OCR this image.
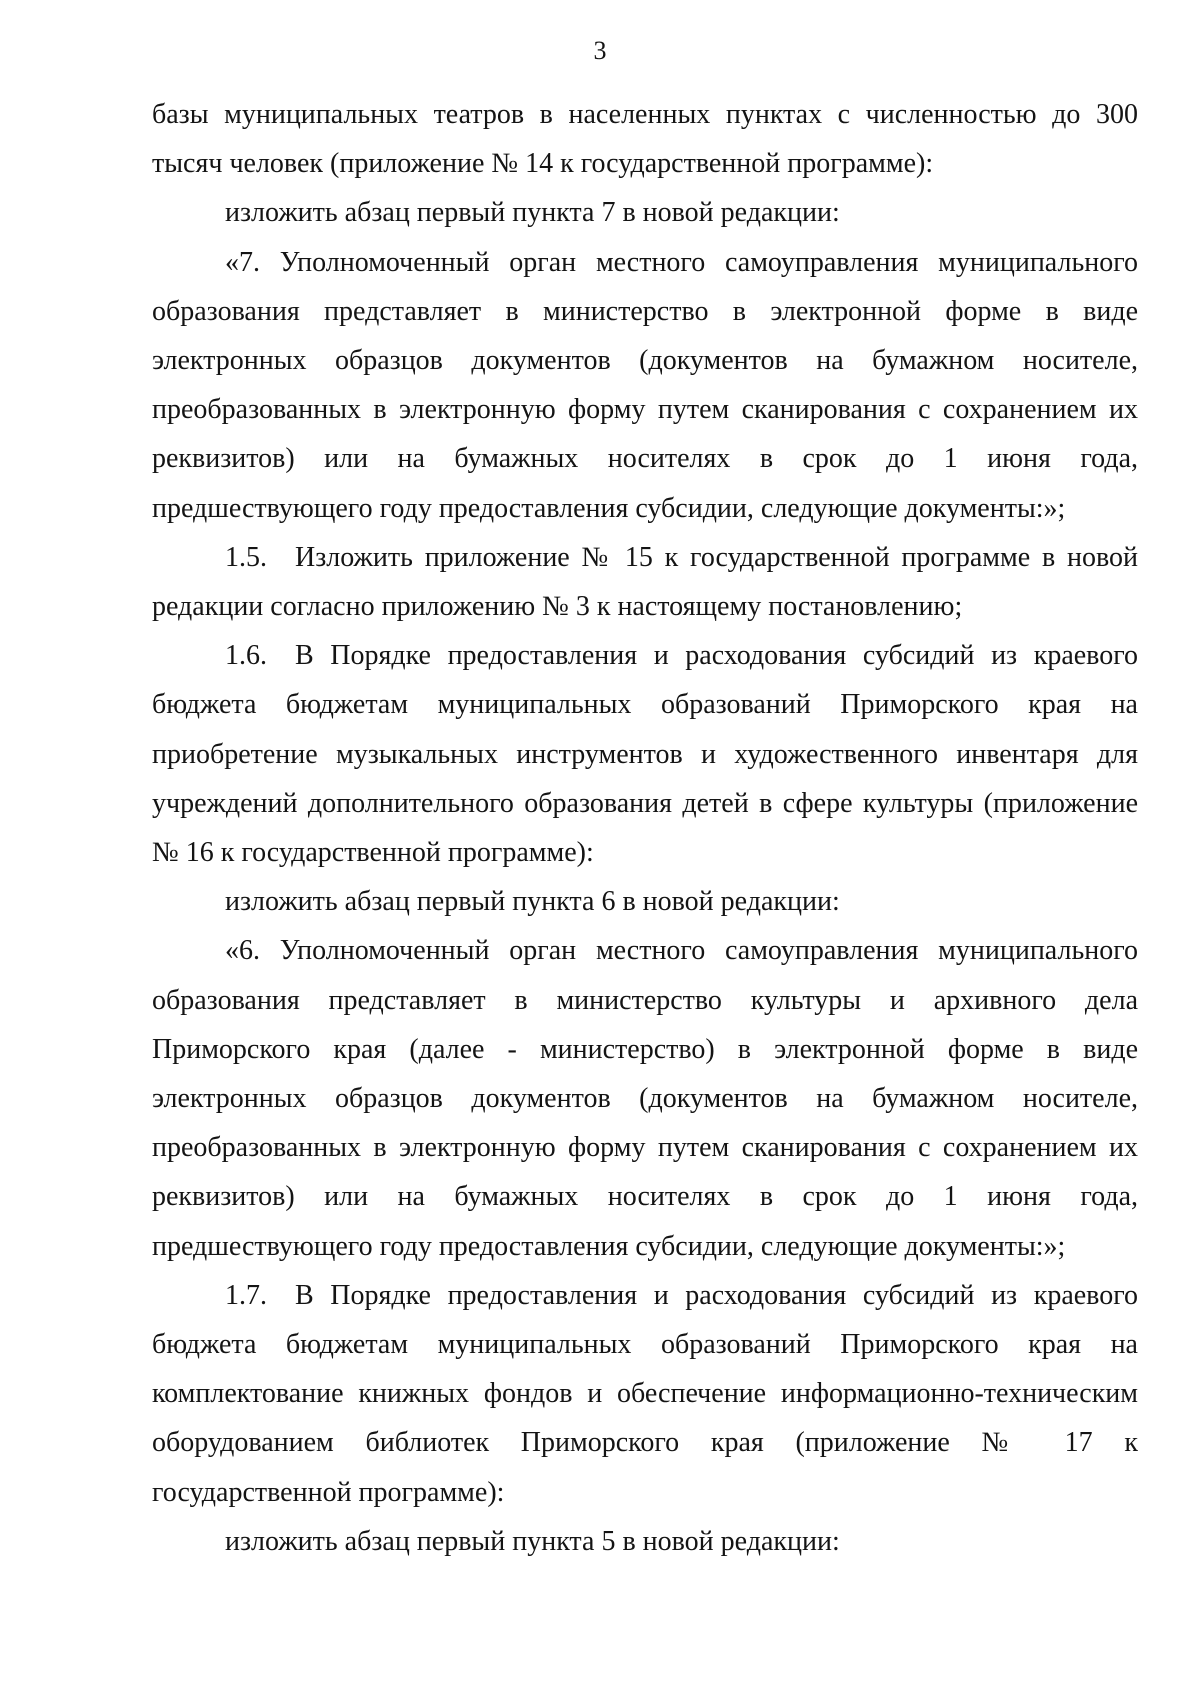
3

базы муниципальных театров в населенных пунктах с численностью до 300 тысяч человек (приложение № 14 к государственной программе):

изложить абзац первый пункта 7 в новой редакции:

«7. Уполномоченный орган местного самоуправления муниципального образования представляет в министерство в электронной форме в виде электронных образцов документов (документов на бумажном носителе, преобразованных в электронную форму путем сканирования с сохранением их реквизитов) или на бумажных носителях в срок до 1 июня года, предшествующего году предоставления субсидии, следующие документы:»;

1.5. Изложить приложение № 15 к государственной программе в новой редакции согласно приложению № 3 к настоящему постановлению;

1.6. В Порядке предоставления и расходования субсидий из краевого бюджета бюджетам муниципальных образований Приморского края на приобретение музыкальных инструментов и художественного инвентаря для учреждений дополнительного образования детей в сфере культуры (приложение № 16 к государственной программе):

изложить абзац первый пункта 6 в новой редакции:

«6. Уполномоченный орган местного самоуправления муниципального образования представляет в министерство культуры и архивного дела Приморского края (далее - министерство) в электронной форме в виде электронных образцов документов (документов на бумажном носителе, преобразованных в электронную форму путем сканирования с сохранением их реквизитов) или на бумажных носителях в срок до 1 июня года, предшествующего году предоставления субсидии, следующие документы:»;

1.7. В Порядке предоставления и расходования субсидий из краевого бюджета бюджетам муниципальных образований Приморского края на комплектование книжных фондов и обеспечение информационно-техническим оборудованием библиотек Приморского края (приложение № 17 к государственной программе):

изложить абзац первый пункта 5 в новой редакции:
